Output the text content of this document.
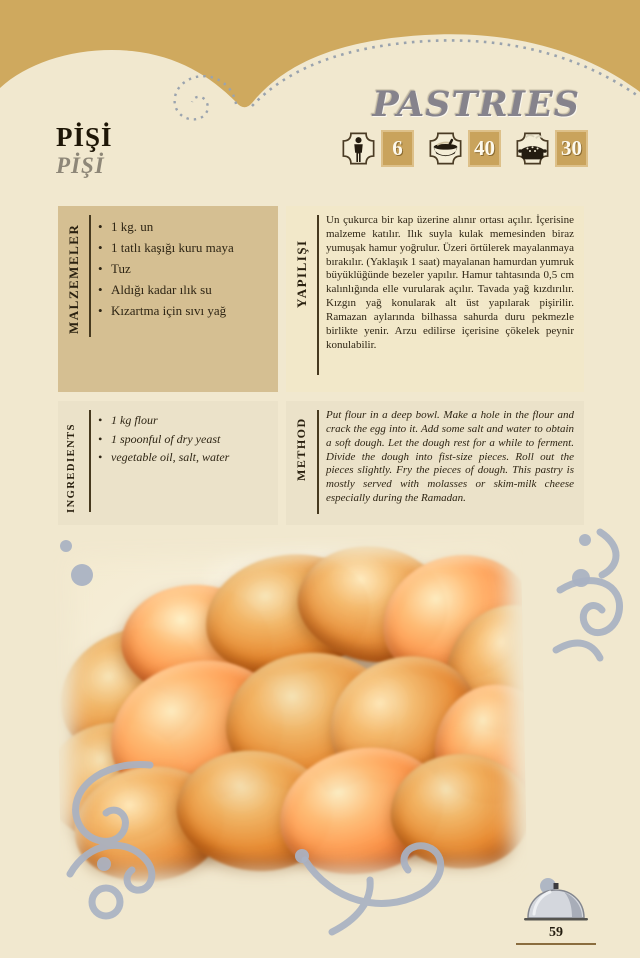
PASTRIES
PİŞİ
PİŞİ
6	40	30
MALZEMELER	• 1 kg. un
• 1 tatlı kaşığı kuru maya
• Tuz
• Aldığı kadar ılık su
• Kızartma için sıvı yağ
YAPILIŞI
Un çukurca bir kap üzerine alınır ortası açılır. İçerisine malzeme katılır. Ilık suyla kulak memesinden biraz yumuşak hamur yoğrulur. Üzeri örtülerek mayalanmaya bırakılır. (Yaklaşık 1 saat) mayalanan hamurdan yumruk büyüklüğünde bezeler yapılır. Hamur tahtasında 0,5 cm kalınlığında elle vurularak açılır. Tavada yağ kızdırılır. Kızgın yağ konularak alt üst yapılarak pişirilir. Ramazan aylarında bilhassa sahurda duru pekmezle birlikte yenir. Arzu edilirse içerisine çökelek peynir konulabilir.
INGREDIENTS
• 1 kg flour
• 1 spoonful of dry yeast
• vegetable oil, salt, water	METHOD
Put flour in a deep bowl. Make a hole in the flour and crack the egg into it. Add some salt and water to obtain a soft dough. Let the dough rest for a while to ferment. Divide the dough into fist-size pieces. Roll out the pieces slightly. Fry the pieces of dough. This pastry is mostly served with molasses or skim-milk cheese especially during the Ramadan.
59
